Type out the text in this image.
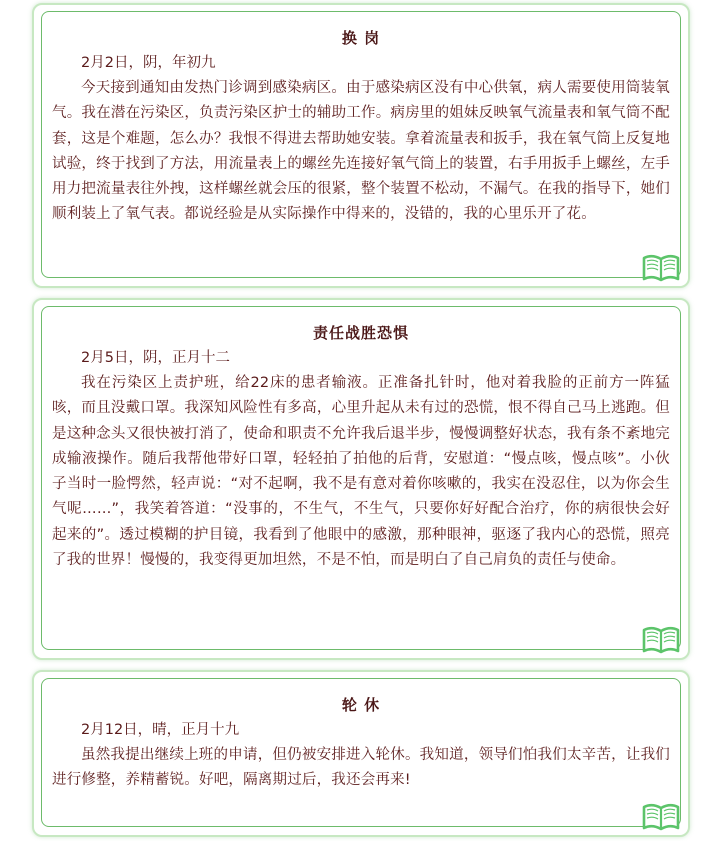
换 岗

2月2日，阴，年初九

今天接到通知由发热门诊调到感染病区。由于感染病区没有中心供氧，病人需要使用筒装氧气。我在潜在污染区，负责污染区护士的辅助工作。病房里的姐妹反映氧气流量表和氧气筒不配套，这是个难题，怎么办？我恨不得进去帮助她安装。拿着流量表和扳手，我在氧气筒上反复地试验，终于找到了方法，用流量表上的螺丝先连接好氧气筒上的装置，右手用扳手上螺丝，左手用力把流量表往外拽，这样螺丝就会压的很紧，整个装置不松动，不漏气。在我的指导下，她们顺利装上了氧气表。都说经验是从实际操作中得来的，没错的，我的心里乐开了花。

责任战胜恐惧

2月5日，阴，正月十二

我在污染区上责护班，给22床的患者输液。正准备扎针时，他对着我脸的正前方一阵猛咳，而且没戴口罩。我深知风险性有多高，心里升起从未有过的恐慌，恨不得自己马上逃跑。但是这种念头又很快被打消了，使命和职责不允许我后退半步，慢慢调整好状态，我有条不紊地完成输液操作。随后我帮他带好口罩，轻轻拍了拍他的后背，安慰道：“慢点咳，慢点咳”。小伙子当时一脸愕然，轻声说：“对不起啊，我不是有意对着你咳嗽的，我实在没忍住，以为你会生气呢……”，我笑着答道：“没事的，不生气，不生气，只要你好好配合治疗，你的病很快会好起来的”。透过模糊的护目镜，我看到了他眼中的感激，那种眼神，驱逐了我内心的恐慌，照亮了我的世界！慢慢的，我变得更加坦然，不是不怕，而是明白了自己肩负的责任与使命。

轮 休

2月12日，晴，正月十九

虽然我提出继续上班的申请，但仍被安排进入轮休。我知道，领导们怕我们太辛苦，让我们进行修整，养精蓄锐。好吧，隔离期过后，我还会再来!
